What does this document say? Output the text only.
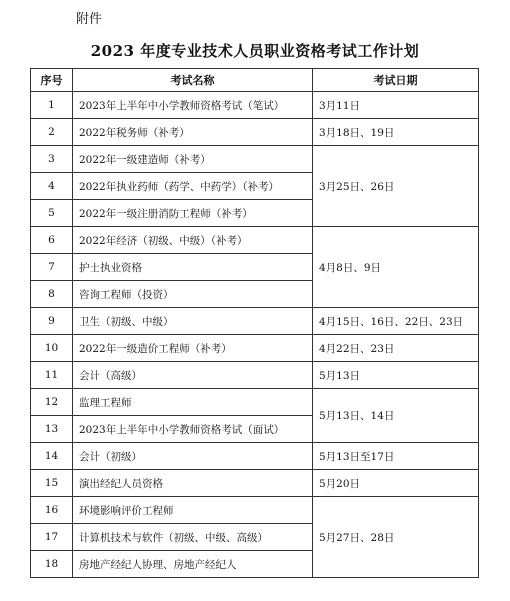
附件
2023 年度专业技术人员职业资格考试工作计划
序号	考试名称	考试日期
1	2023年上半年中小学教师资格考试（笔试）	3月11日
2	2022年税务师（补考）	3月18日、19日
3	2022年一级建造师（补考）	3月25日、26日
4	2022年执业药师（药学、中药学）（补考）	
5	2022年一级注册消防工程师（补考）	
6	2022年经济（初级、中级）（补考）	4月8日、9日
7	护士执业资格	
8	咨询工程师（投资）	
9	卫生（初级、中级）	4月15日、16日、22日、23日
10	2022年一级造价工程师（补考）	4月22日、23日
11	会计（高级）	5月13日
12	监理工程师	5月13日、14日
13	2023年上半年中小学教师资格考试（面试）	
14	会计（初级）	5月13日至17日
15	演出经纪人员资格	5月20日
16	环境影响评价工程师	5月27日、28日
17	计算机技术与软件（初级、中级、高级）	
18	房地产经纪人协理、房地产经纪人	
